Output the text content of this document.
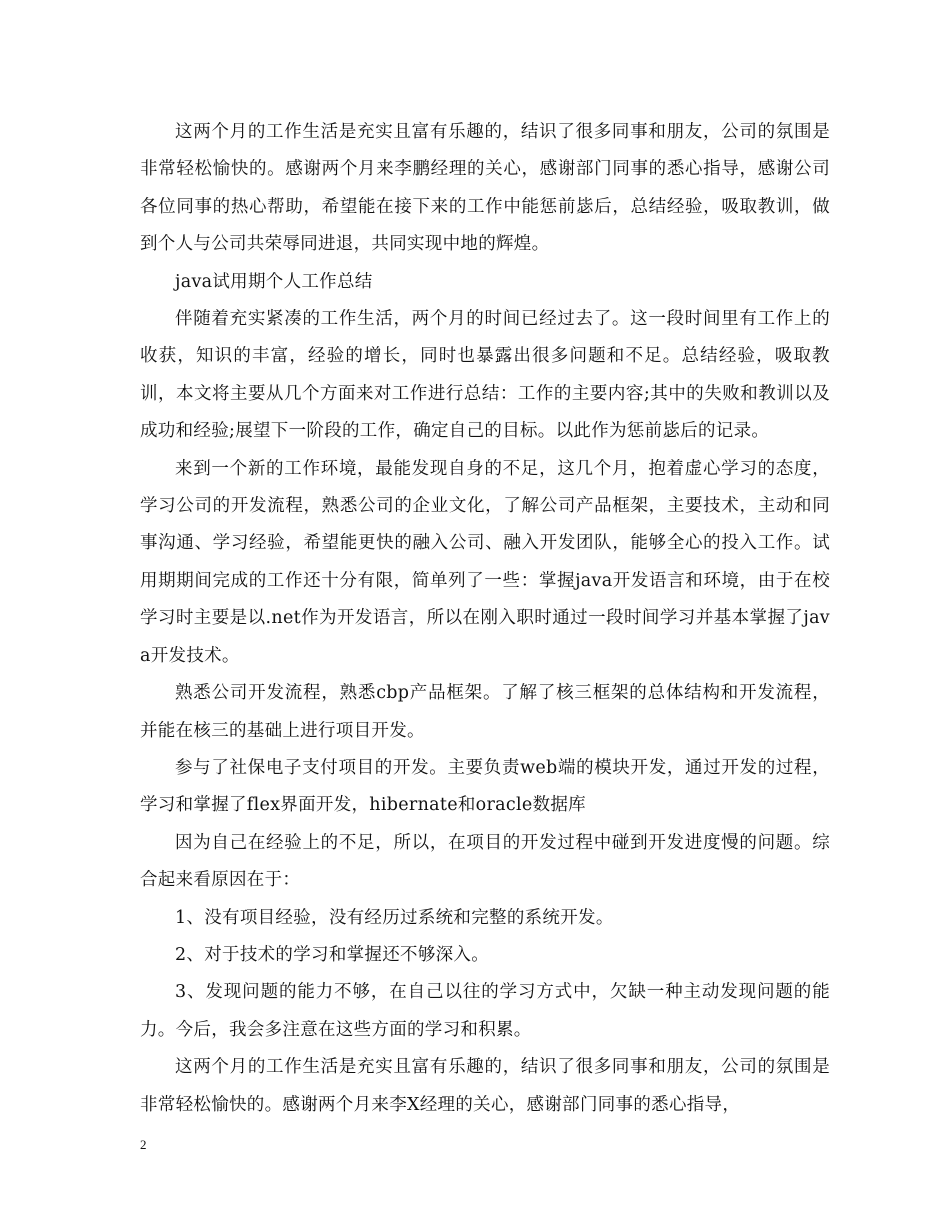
这两个月的工作生活是充实且富有乐趣的，结识了很多同事和朋友，公司的氛围是非常轻松愉快的。感谢两个月来李鹏经理的关心，感谢部门同事的悉心指导，感谢公司各位同事的热心帮助，希望能在接下来的工作中能惩前毖后，总结经验，吸取教训，做到个人与公司共荣辱同进退，共同实现中地的辉煌。

java试用期个人工作总结

伴随着充实紧凑的工作生活，两个月的时间已经过去了。这一段时间里有工作上的收获，知识的丰富，经验的增长，同时也暴露出很多问题和不足。总结经验，吸取教训，本文将主要从几个方面来对工作进行总结：工作的主要内容;其中的失败和教训以及成功和经验;展望下一阶段的工作，确定自己的目标。以此作为惩前毖后的记录。

来到一个新的工作环境，最能发现自身的不足，这几个月，抱着虚心学习的态度，学习公司的开发流程，熟悉公司的企业文化，了解公司产品框架，主要技术，主动和同事沟通、学习经验，希望能更快的融入公司、融入开发团队，能够全心的投入工作。试用期期间完成的工作还十分有限，简单列了一些：掌握java开发语言和环境，由于在校学习时主要是以.net作为开发语言，所以在刚入职时通过一段时间学习并基本掌握了java开发技术。

熟悉公司开发流程，熟悉cbp产品框架。了解了核三框架的总体结构和开发流程，并能在核三的基础上进行项目开发。

参与了社保电子支付项目的开发。主要负责web端的模块开发，通过开发的过程，学习和掌握了flex界面开发，hibernate和oracle数据库

因为自己在经验上的不足，所以，在项目的开发过程中碰到开发进度慢的问题。综合起来看原因在于：

1、没有项目经验，没有经历过系统和完整的系统开发。

2、对于技术的学习和掌握还不够深入。

3、发现问题的能力不够，在自己以往的学习方式中，欠缺一种主动发现问题的能力。今后，我会多注意在这些方面的学习和积累。

这两个月的工作生活是充实且富有乐趣的，结识了很多同事和朋友，公司的氛围是非常轻松愉快的。感谢两个月来李X经理的关心，感谢部门同事的悉心指导，

2
